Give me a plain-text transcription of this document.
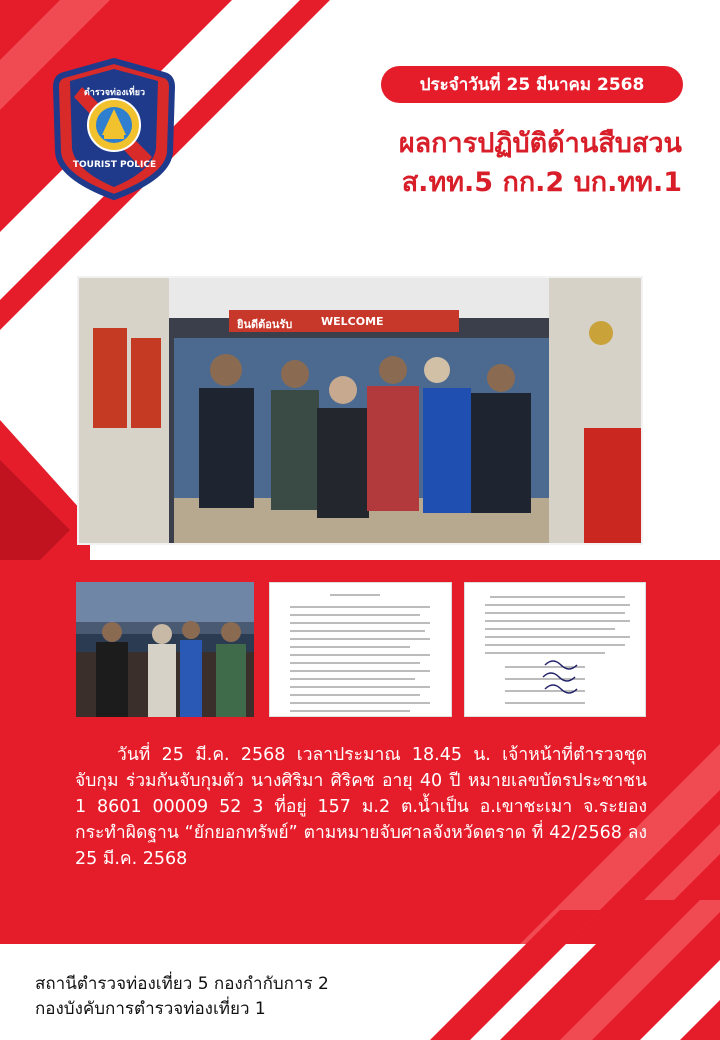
ตำรวจท่องเที่ยว
TOURIST POLICE
ประจำวันที่ 25 มีนาคม 2568
ผลการปฏิบัติด้านสืบสวน
ส.ทท.5 กก.2 บก.ทท.1
ยินดีต้อนรับ	WELCOME

วันที่ 25 มี.ค. 2568 เวลาประมาณ 18.45 น. เจ้าหน้าที่ตำรวจชุดจับกุม ร่วมกันจับกุมตัว นางศิริมา ศิริคช อายุ 40 ปี หมายเลขบัตรประชาชน 1 8601 00009 52 3 ที่อยู่ 157 ม.2 ต.น้ำเป็น อ.เขาชะเมา จ.ระยอง กระทำผิดฐาน “ยักยอกทรัพย์” ตามหมายจับศาลจังหวัดตราด ที่ 42/2568 ลง 25 มี.ค. 2568

สถานีตำรวจท่องเที่ยว 5 กองกำกับการ 2
กองบังคับการตำรวจท่องเที่ยว 1
